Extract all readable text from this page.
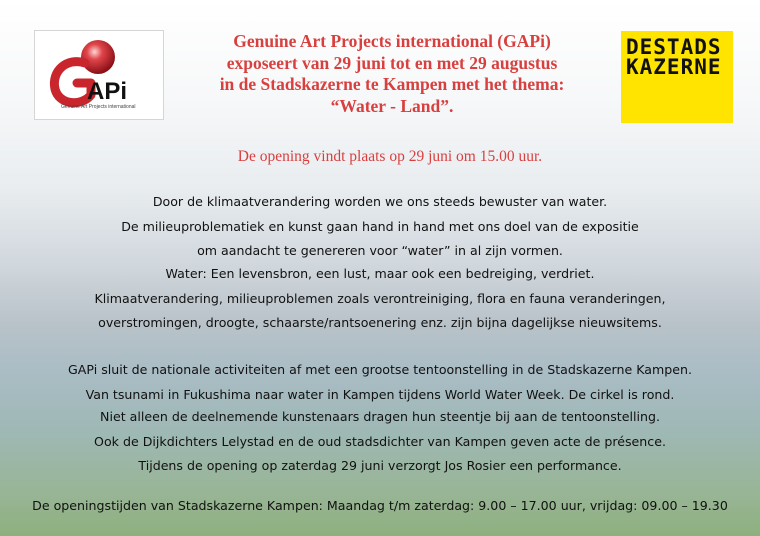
APi
Genuine Art Projects international
DESTADS
KAZERNE
Genuine Art Projects international (GAPi)
exposeert van 29 juni tot en met 29 augustus
in de Stadskazerne te Kampen met het thema:
“Water - Land”.
De opening vindt plaats op 29 juni om 15.00 uur.
Door de klimaatverandering worden we ons steeds bewuster van water.
De milieuproblematiek en kunst gaan hand in hand met ons doel van de expositie
om aandacht te genereren voor “water” in al zijn vormen.
Water: Een levensbron, een lust, maar ook een bedreiging, verdriet.
Klimaatverandering, milieuproblemen zoals verontreiniging, flora en fauna veranderingen,
overstromingen, droogte, schaarste/rantsoenering enz. zijn bijna dagelijkse nieuwsitems.
GAPi sluit de nationale activiteiten af met een grootse tentoonstelling in de Stadskazerne Kampen.
Van tsunami in Fukushima naar water in Kampen tijdens World Water Week. De cirkel is rond.
Niet alleen de deelnemende kunstenaars dragen hun steentje bij aan de tentoonstelling.
Ook de Dijkdichters Lelystad en de oud stadsdichter van Kampen geven acte de présence.
Tijdens de opening op zaterdag 29 juni verzorgt Jos Rosier een performance.
De openingstijden van Stadskazerne Kampen: Maandag t/m zaterdag: 9.00 – 17.00 uur, vrijdag: 09.00 – 19.30
